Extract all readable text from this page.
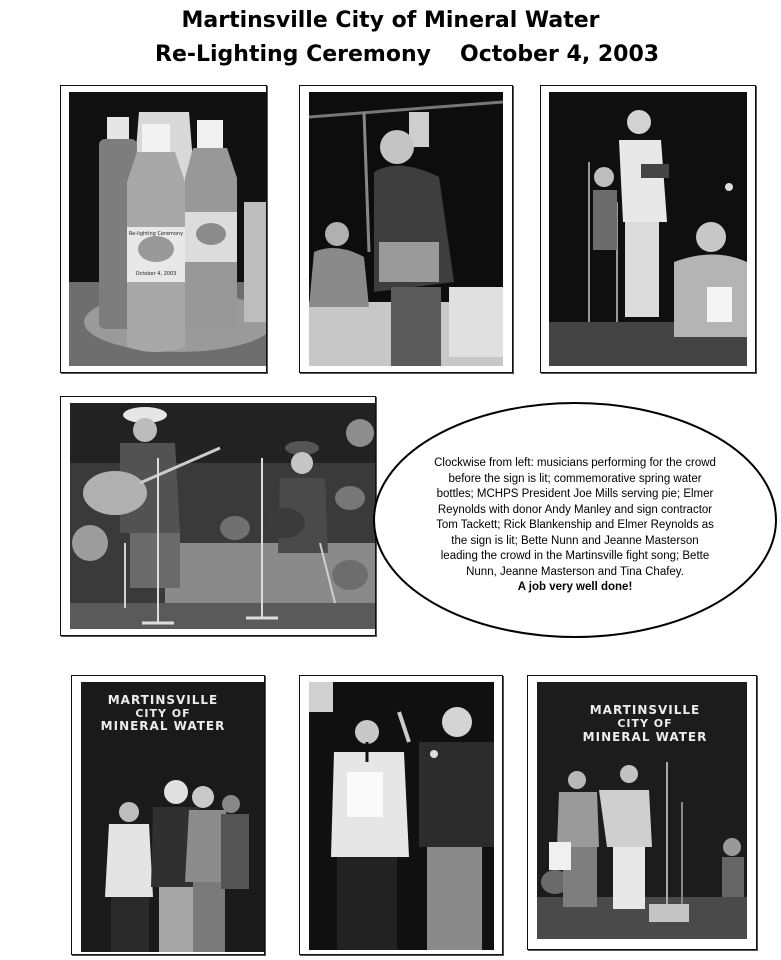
Martinsville City of Mineral Water
Re-Lighting Ceremony October 4, 2003
Re-lighting Ceremony
October 4, 2003
Clockwise from left: musicians performing for the crowd before the sign is lit; commemorative spring water bottles; MCHPS President Joe Mills serving pie; Elmer Reynolds with donor Andy Manley and sign contractor Tom Tackett; Rick Blankenship and Elmer Reynolds as the sign is lit; Bette Nunn and Jeanne Masterson leading the crowd in the Martinsville fight song; Bette Nunn, Jeanne Masterson and Tina Chafey.
A job very well done!
MARTINSVILLE
CITY OF
MINERAL WATER
MARTINSVILLE
CITY OF
MINERAL WATER
